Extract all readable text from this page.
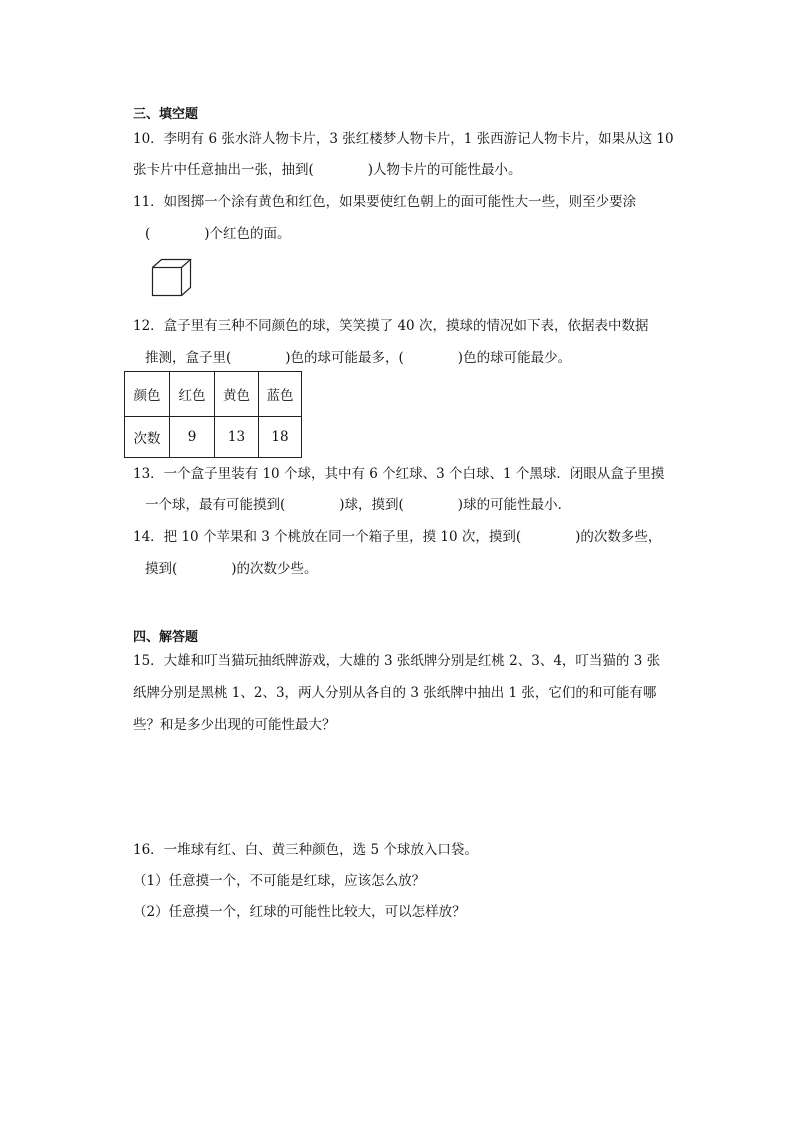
三、填空题
10．李明有 6 张水浒人物卡片，3 张红楼梦人物卡片，1 张西游记人物卡片，如果从这 10
张卡片中任意抽出一张，抽到(　　　　)人物卡片的可能性最小。
11．如图掷一个涂有黄色和红色，如果要使红色朝上的面可能性大一些，则至少要涂
(　　　　)个红色的面。
12．盒子里有三种不同颜色的球，笑笑摸了 40 次，摸球的情况如下表，依据表中数据
推测，盒子里(　　　　)色的球可能最多，(　　　　)色的球可能最少。
颜色	红色	黄色	蓝色
次数	9	13	18
13．一个盒子里装有 10 个球，其中有 6 个红球、3 个白球、1 个黑球．闭眼从盒子里摸
一个球，最有可能摸到(　　　　)球，摸到(　　　　)球的可能性最小．
14．把 10 个苹果和 3 个桃放在同一个箱子里，摸 10 次，摸到(　　　　)的次数多些，
摸到(　　　　)的次数少些。
四、解答题
15．大雄和叮当猫玩抽纸牌游戏，大雄的 3 张纸牌分别是红桃 2、3、4，叮当猫的 3 张
纸牌分别是黑桃 1、2、3，两人分别从各自的 3 张纸牌中抽出 1 张，它们的和可能有哪
些？和是多少出现的可能性最大？
16．一堆球有红、白、黄三种颜色，选 5 个球放入口袋。
（1）任意摸一个，不可能是红球，应该怎么放？
（2）任意摸一个，红球的可能性比较大，可以怎样放？
